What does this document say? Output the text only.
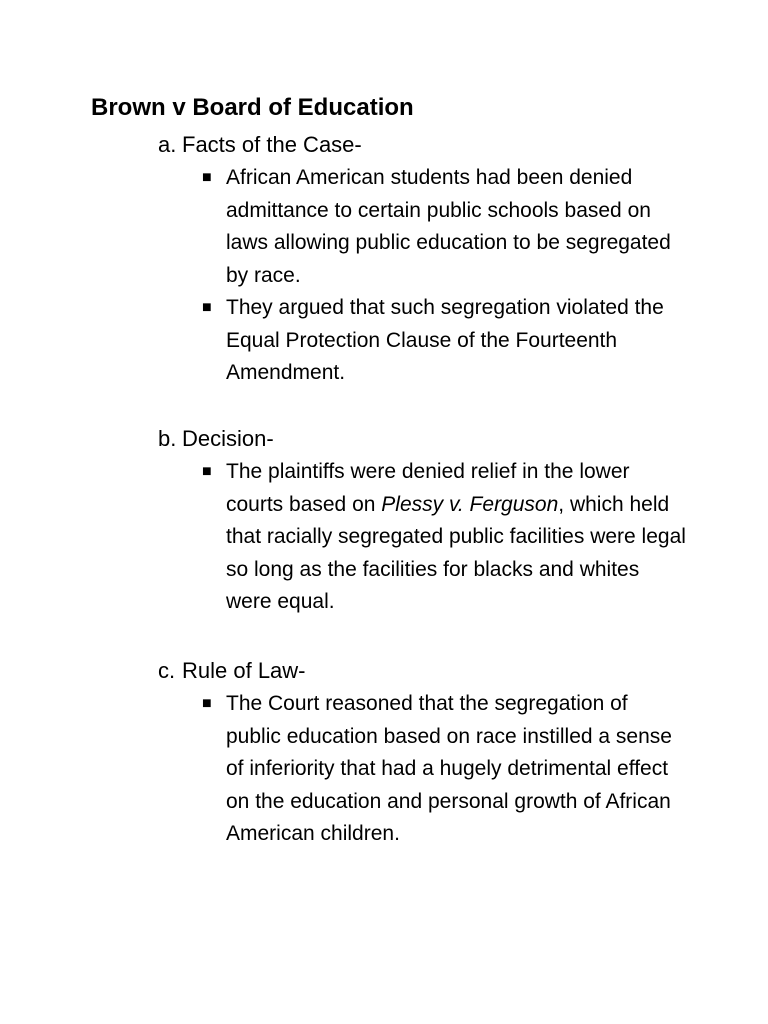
Brown v Board of Education
a. Facts of the Case-
■ African American students had been denied admittance to certain public schools based on laws allowing public education to be segregated by race.
■ They argued that such segregation violated the Equal Protection Clause of the Fourteenth Amendment.
b. Decision-
■ The plaintiffs were denied relief in the lower courts based on Plessy v. Ferguson, which held that racially segregated public facilities were legal so long as the facilities for blacks and whites were equal.
c. Rule of Law-
■ The Court reasoned that the segregation of public education based on race instilled a sense of inferiority that had a hugely detrimental effect on the education and personal growth of African American children.
